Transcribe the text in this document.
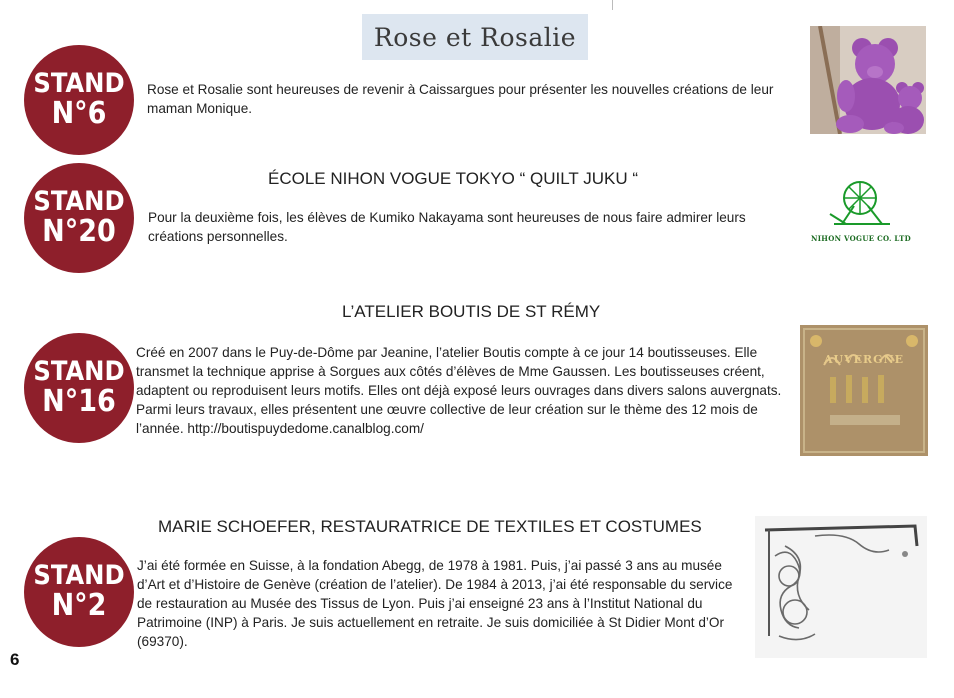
Rose et Rosalie
STAND
N°6
Rose et Rosalie sont heureuses de revenir à Caissargues pour présenter les nouvelles créations de leur maman Monique.
STAND
N°20
ÉCOLE NIHON VOGUE TOKYO “ QUILT JUKU “
Pour la deuxième fois, les élèves de Kumiko Nakayama sont heureuses de nous faire admirer leurs créations personnelles.	NIHON VOGUE CO. LTD
STAND
N°16
L’ATELIER BOUTIS DE ST RÉMY
Créé en 2007 dans le Puy-de-Dôme par Jeanine, l’atelier Boutis compte à ce jour 14 boutisseuses. Elle transmet la technique apprise à Sorgues aux côtés d’élèves de Mme Gaussen. Les boutisseuses créent, adaptent ou reproduisent leurs motifs. Elles ont déjà exposé leurs ouvrages dans divers salons auvergnats. Parmi leurs travaux, elles présentent une œuvre collective de leur création sur le thème des 12 mois de l’année. http://boutispuydedome.canalblog.com/
AUVERGNE
STAND
N°2
MARIE SCHOEFER, RESTAURATRICE DE TEXTILES ET COSTUMES
J’ai été formée en Suisse, à la fondation Abegg, de 1978 à 1981. Puis, j’ai passé 3 ans au musée d’Art et d’Histoire de Genève (création de l’atelier). De 1984 à 2013, j’ai été responsable du service de restauration au Musée des Tissus de Lyon. Puis j’ai enseigné 23 ans à l’Institut National du Patrimoine (INP) à Paris. Je suis actuellement en retraite. Je suis domiciliée à St Didier Mont d’Or (69370).
6
